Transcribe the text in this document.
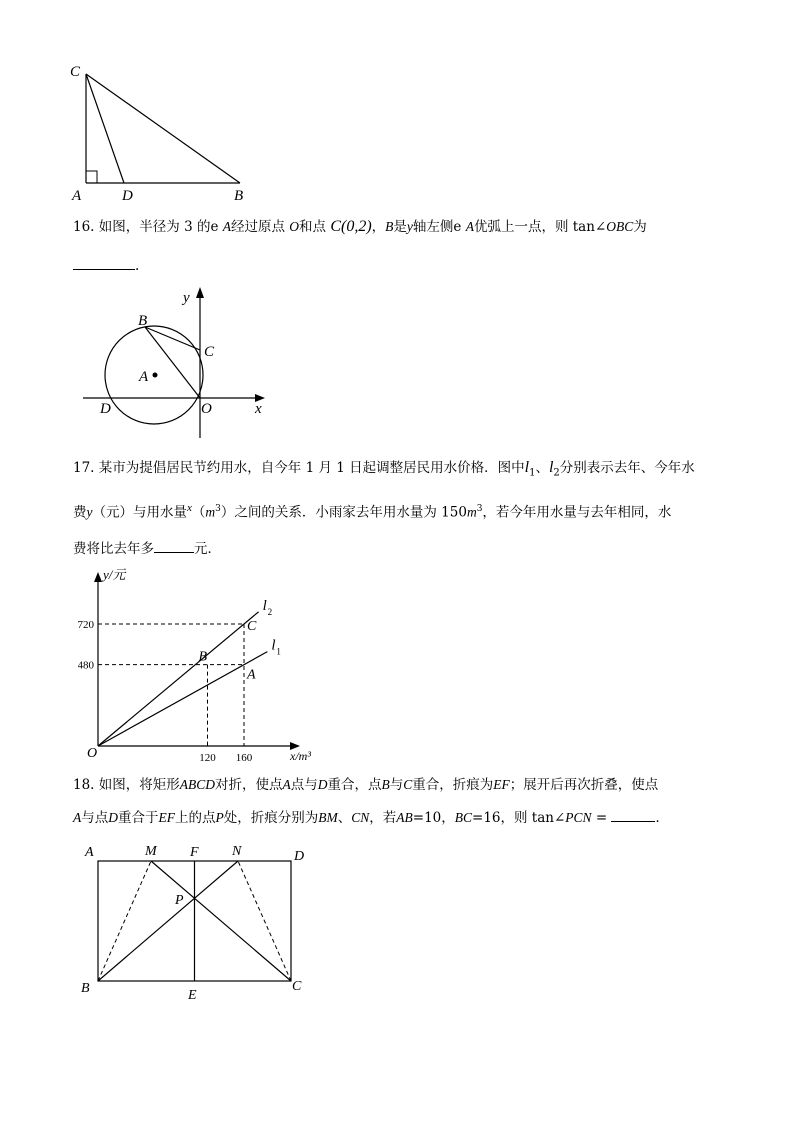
C
A	D	B
16. 如图，半径为 3 的e A经过原点 O和点 C(0,2)，B是y轴左侧e A优弧上一点，则 tan∠OBC为
.
y
B
C
A
D	O	x
17. 某市为提倡居民节约用水，自今年 1 月 1 日起调整居民用水价格．图中$l_1$、$l_2$分别表示去年、今年水
费y（元）与用水量$^x(m^3)$之间的关系．小雨家去年用水量为 $150m^3$，若今年用水量与去年相同，水
费将比去年多	元．
y/元
x/m³
O
l 1
l 2
A
B
C
720
480
120 160
18. 如图，将矩形ABCD对折，使点A点与D重合，点B与C重合，折痕为EF；展开后再次折叠，使点
A与点D重合于EF上的点P处，折痕分别为BM、CN，若AB=10，BC=16，则 tan∠PCN =	．
A	M F N	D
P
B	E
C
